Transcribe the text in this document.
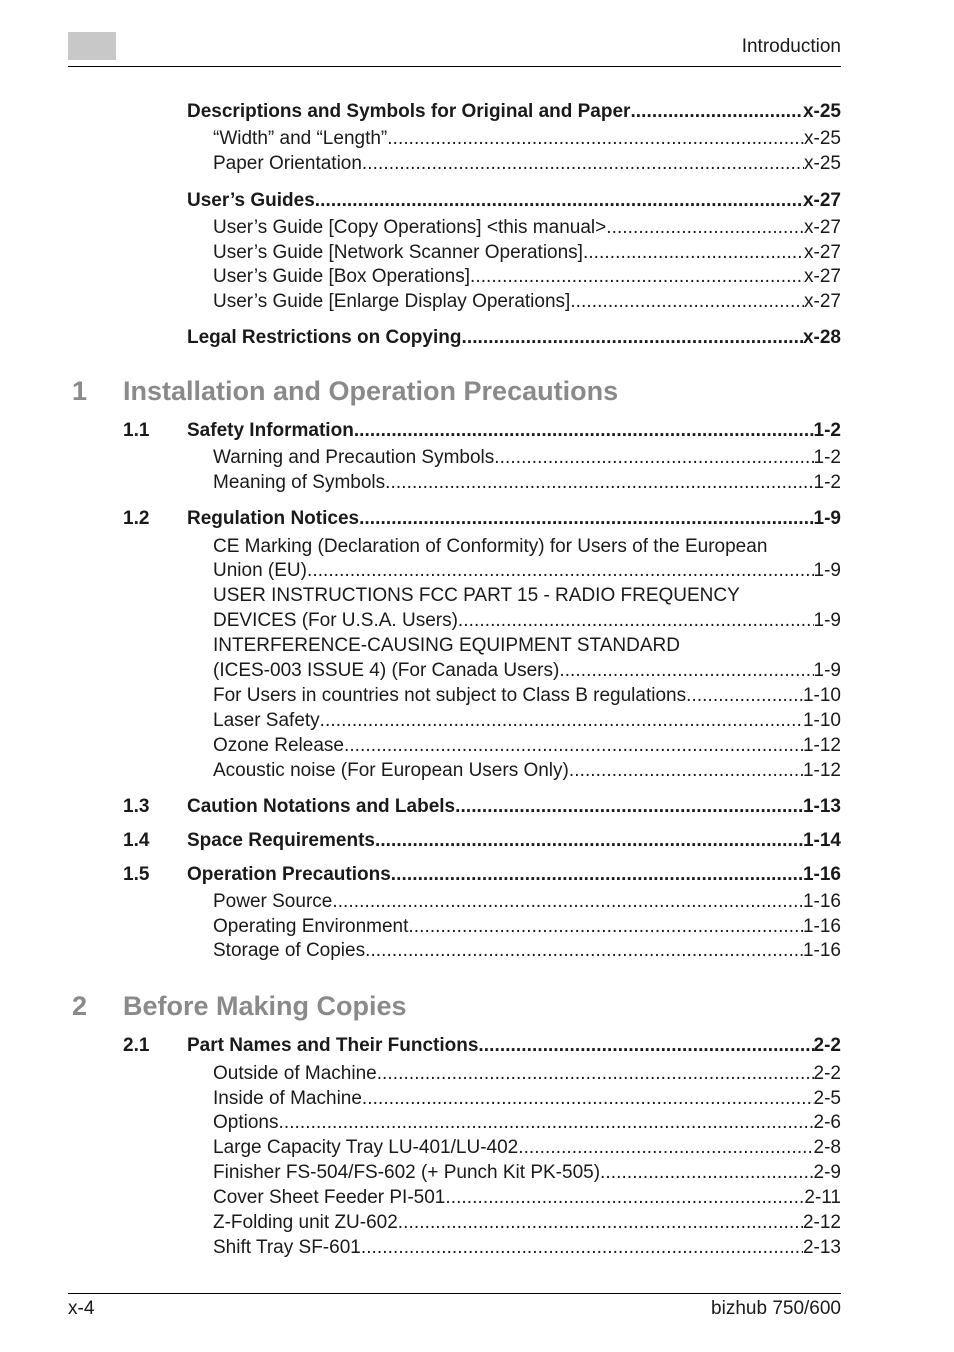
Introduction
Descriptions and Symbols for Original and Paper . . .	x-25
“Width” and “Length” . . .	x-25
Paper Orientation . . .	x-25
User’s Guides . . .	x-27
User’s Guide [Copy Operations] <this manual> . . .	x-27
User’s Guide [Network Scanner Operations] . . .	x-27
User’s Guide [Box Operations] . . .	x-27
User’s Guide [Enlarge Display Operations] . . .	x-27
Legal Restrictions on Copying . . .	x-28
1 Installation and Operation Precautions
1.1 Safety Information . . .	1-2
Warning and Precaution Symbols . . .	1-2
Meaning of Symbols . . .	1-2
1.2 Regulation Notices . . .	1-9
CE Marking (Declaration of Conformity) for Users of the European
Union (EU) . . .	1-9
USER INSTRUCTIONS FCC PART 15 - RADIO FREQUENCY
DEVICES (For U.S.A. Users) . . .	1-9
INTERFERENCE-CAUSING EQUIPMENT STANDARD
(ICES-003 ISSUE 4) (For Canada Users) . . .	1-9
For Users in countries not subject to Class B regulations . . .	1-10
Laser Safety . . .	1-10
Ozone Release . . .	1-12
Acoustic noise (For European Users Only) . . .	1-12
1.3 Caution Notations and Labels . . .	1-13
1.4 Space Requirements . . .	1-14
1.5 Operation Precautions . . .	1-16
Power Source . . .	1-16
Operating Environment . . .	1-16
Storage of Copies . . .	1-16
2 Before Making Copies
2.1 Part Names and Their Functions . . .	2-2
Outside of Machine . . .	2-2
Inside of Machine . . .	2-5
Options . . .	2-6
Large Capacity Tray LU-401/LU-402 . . .	2-8
Finisher FS-504/FS-602 (+ Punch Kit PK-505) . . .	2-9
Cover Sheet Feeder PI-501 . . .	2-11
Z-Folding unit ZU-602 . . .	2-12
Shift Tray SF-601 . . .	2-13
x-4	bizhub 750/600
